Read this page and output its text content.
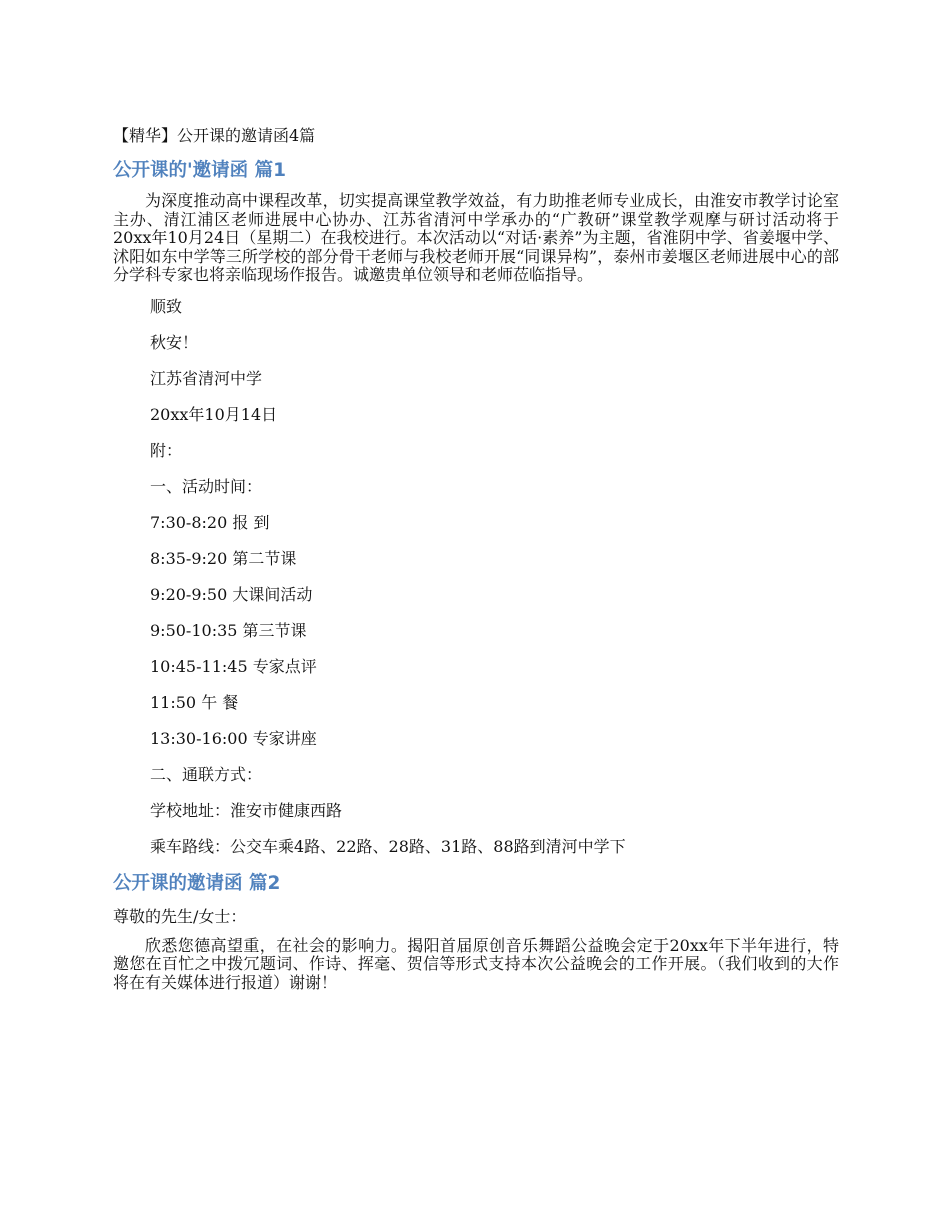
【精华】公开课的邀请函4篇
公开课的'邀请函 篇1
为深度推动高中课程改革，切实提高课堂教学效益，有力助推老师专业成长，由淮安市教学讨论室主办、清江浦区老师进展中心协办、江苏省清河中学承办的“广教研”课堂教学观摩与研讨活动将于20xx年10月24日（星期二）在我校进行。本次活动以“对话·素养”为主题，省淮阴中学、省姜堰中学、沭阳如东中学等三所学校的部分骨干老师与我校老师开展“同课异构”，泰州市姜堰区老师进展中心的部分学科专家也将亲临现场作报告。诚邀贵单位领导和老师莅临指导。
顺致
秋安！
江苏省清河中学
20xx年10月14日
附：
一、活动时间：
7:30-8:20 报 到
8:35-9:20 第二节课
9:20-9:50 大课间活动
9:50-10:35 第三节课
10:45-11:45 专家点评
11:50 午 餐
13:30-16:00 专家讲座
二、通联方式：
学校地址：淮安市健康西路
乘车路线：公交车乘4路、22路、28路、31路、88路到清河中学下
公开课的邀请函 篇2
尊敬的先生/女士：
欣悉您德高望重，在社会的影响力。揭阳首届原创音乐舞蹈公益晚会定于20xx年下半年进行，特邀您在百忙之中拨冗题词、作诗、挥毫、贺信等形式支持本次公益晚会的工作开展。（我们收到的大作将在有关媒体进行报道）谢谢！
